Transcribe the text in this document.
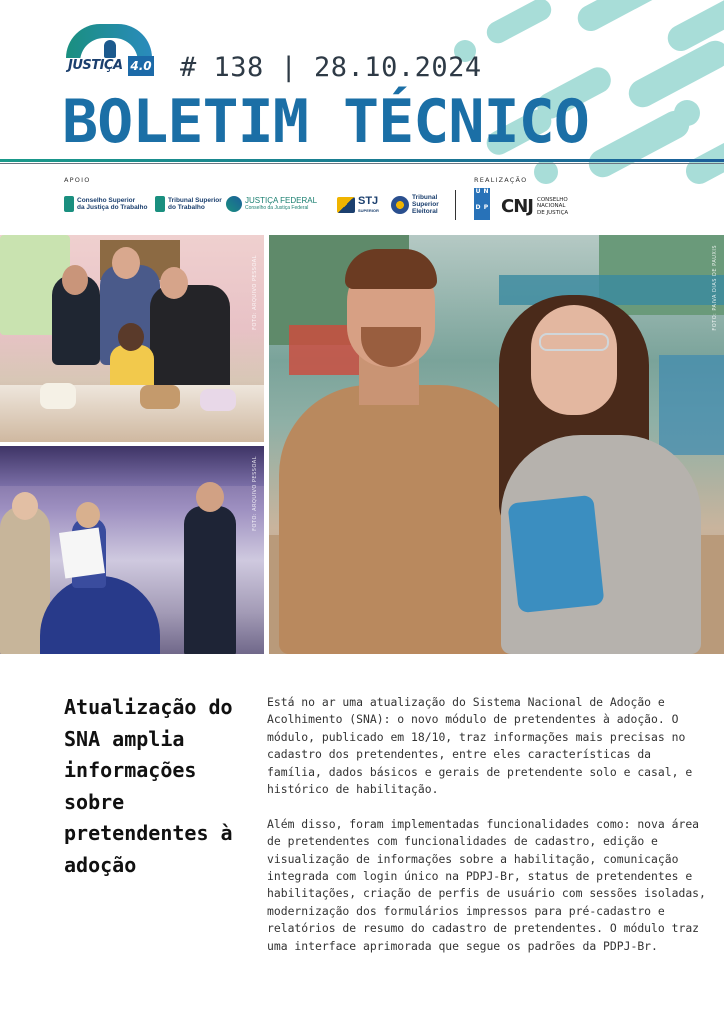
JUSTIÇA 4.0 # 138 | 28.10.2024
BOLETIM TÉCNICO
APOIO	REALIZAÇÃO
Conselho Superior
da Justiça do Trabalho
Tribunal Superior
do Trabalho
JUSTIÇA FEDERAL
Conselho da Justiça Federal
STJ
SUPERIOR
Tribunal
Superior
Eleitoral
U N
D P CNJ CONSELHO
NACIONAL
DE JUSTIÇA
FOTO: ARQUIVO PESSOAL
FOTO: ARQUIVO PESSOAL
FOTO: PAIVA DIAS DE PAUXIS
Atualização do SNA amplia informações sobre pretendentes à adoção

Está no ar uma atualização do Sistema Nacional de Adoção e Acolhimento (SNA): o novo módulo de pretendentes à adoção. O módulo, publicado em 18/10, traz informações mais precisas no cadastro dos pretendentes, entre eles características da família, dados básicos e gerais de pretendente solo e casal, e histórico de habilitação.

Além disso, foram implementadas funcionalidades como: nova área de pretendentes com funcionalidades de cadastro, edição e visualização de informações sobre a habilitação, comunicação integrada com login único na PDPJ-Br, status de pretendentes e habilitações, criação de perfis de usuário com sessões isoladas, modernização dos formulários impressos para pré-cadastro e relatórios de resumo do cadastro de pretendentes. O módulo traz uma interface aprimorada que segue os padrões da PDPJ-Br.
